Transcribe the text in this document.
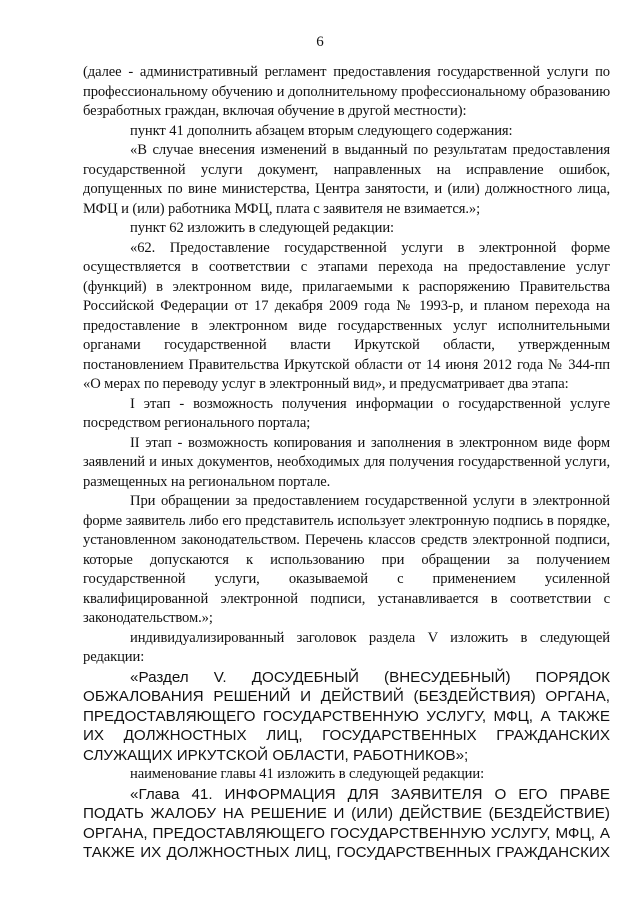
6

(далее - административный регламент предоставления государственной услуги по профессиональному обучению и дополнительному профессиональному образованию безработных граждан, включая обучение в другой местности):

пункт 41 дополнить абзацем вторым следующего содержания:

«В случае внесения изменений в выданный по результатам предоставления государственной услуги документ, направленных на исправление ошибок, допущенных по вине министерства, Центра занятости, и (или) должностного лица, МФЦ и (или) работника МФЦ, плата с заявителя не взимается.»;

пункт 62 изложить в следующей редакции:

«62. Предоставление государственной услуги в электронной форме осуществляется в соответствии с этапами перехода на предоставление услуг (функций) в электронном виде, прилагаемыми к распоряжению Правительства Российской Федерации от 17 декабря 2009 года № 1993-р, и планом перехода на предоставление в электронном виде государственных услуг исполнительными органами государственной власти Иркутской области, утвержденным постановлением Правительства Иркутской области от 14 июня 2012 года № 344-пп «О мерах по переводу услуг в электронный вид», и предусматривает два этапа:

I этап - возможность получения информации о государственной услуге посредством регионального портала;

II этап - возможность копирования и заполнения в электронном виде форм заявлений и иных документов, необходимых для получения государственной услуги, размещенных на региональном портале.

При обращении за предоставлением государственной услуги в электронной форме заявитель либо его представитель использует электронную подпись в порядке, установленном законодательством. Перечень классов средств электронной подписи, которые допускаются к использованию при обращении за получением государственной услуги, оказываемой с применением усиленной квалифицированной электронной подписи, устанавливается в соответствии с законодательством.»;

индивидуализированный заголовок раздела V изложить в следующей редакции:

«Раздел V. ДОСУДЕБНЫЙ (ВНЕСУДЕБНЫЙ) ПОРЯДОК ОБЖАЛОВАНИЯ РЕШЕНИЙ И ДЕЙСТВИЙ (БЕЗДЕЙСТВИЯ) ОРГАНА, ПРЕДОСТАВЛЯЮЩЕГО ГОСУДАРСТВЕННУЮ УСЛУГУ, МФЦ, А ТАКЖЕ ИХ ДОЛЖНОСТНЫХ ЛИЦ, ГОСУДАРСТВЕННЫХ ГРАЖДАНСКИХ СЛУЖАЩИХ ИРКУТСКОЙ ОБЛАСТИ, РАБОТНИКОВ»;

наименование главы 41 изложить в следующей редакции:

«Глава 41. ИНФОРМАЦИЯ ДЛЯ ЗАЯВИТЕЛЯ О ЕГО ПРАВЕ ПОДАТЬ ЖАЛОБУ НА РЕШЕНИЕ И (ИЛИ) ДЕЙСТВИЕ (БЕЗДЕЙСТВИЕ) ОРГАНА, ПРЕДОСТАВЛЯЮЩЕГО ГОСУДАРСТВЕННУЮ УСЛУГУ, МФЦ, А ТАКЖЕ ИХ ДОЛЖНОСТНЫХ ЛИЦ, ГОСУДАРСТВЕННЫХ ГРАЖДАНСКИХ
